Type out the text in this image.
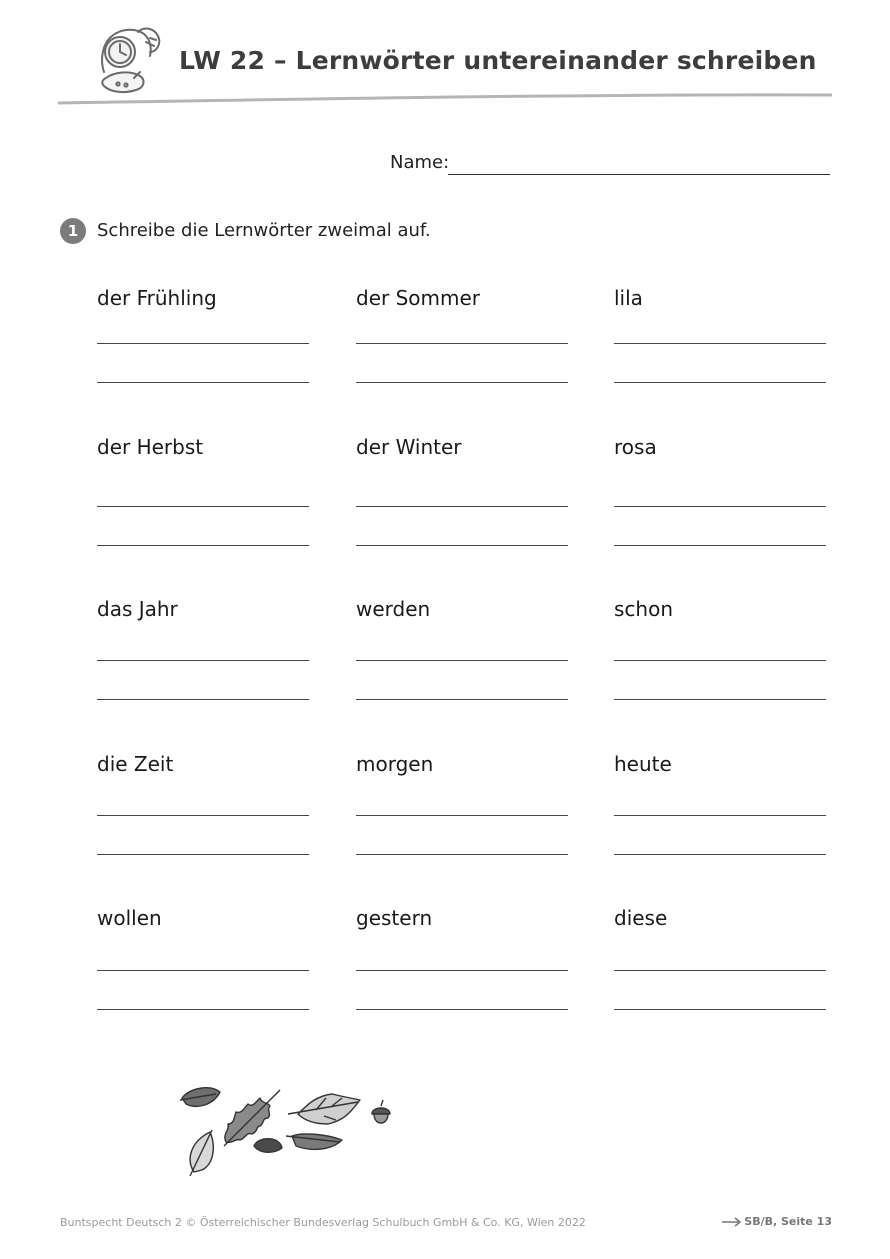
LW 22 – Lernwörter untereinander schreiben
Name:
1	Schreibe die Lernwörter zweimal auf.
der Frühling	der Sommer	lila
der Herbst	der Winter	rosa
das Jahr	werden	schon
die Zeit	morgen	heute
wollen	gestern	diese
Buntspecht Deutsch 2 © Österreichischer Bundesverlag Schulbuch GmbH & Co. KG, Wien 2022	SB/B, Seite 13
